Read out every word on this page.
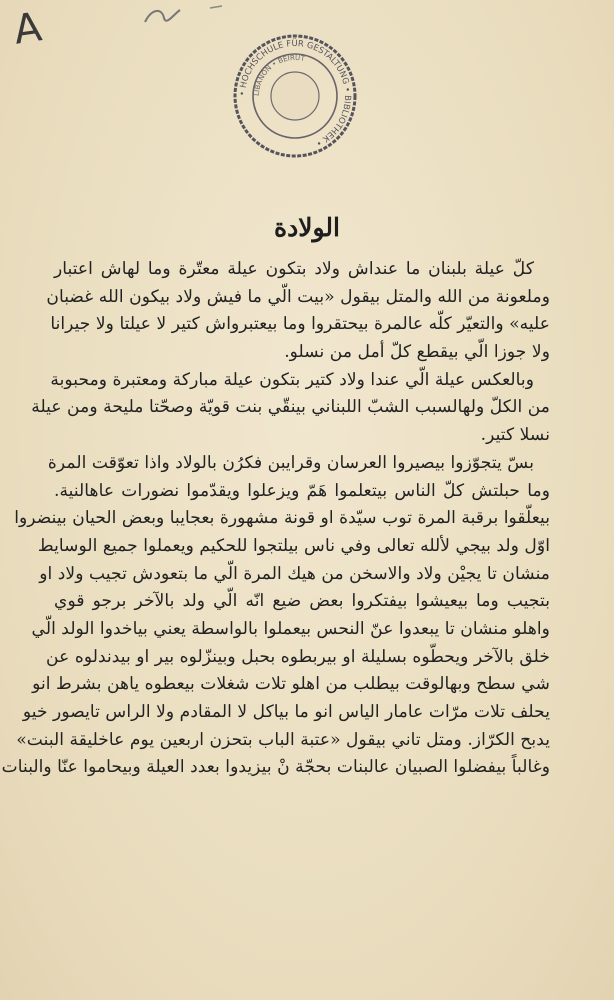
A
• HOCHSCHULE FÜR GESTALTUNG • BIBLIOTHEK •
LIBANON • BEIRUT
الولادة
كلّ عيلة بلبنان ما عنداش ولاد بتكون عيلة معتّرة وما لهاش اعتبار
وملعونة من الله والمتل بيقول «بيت الّي ما فيش ولاد بيكون الله غضبان
عليه» والتعيّر كلّه عالمرة بيحتقروا وما بيعتبرواش كتير لا عيلتا ولا جيرانا
ولا جوزا الّي بيقطع كلّ أمل من نسلو.
وبالعكس عيلة الّي عندا ولاد كتير بتكون عيلة مباركة ومعتبرة ومحبوبة
من الكلّ ولهالسبب الشبّ اللبناني بينقّي بنت قويّة وصحّتا مليحة ومن عيلة
نسلا كتير.
بسّ يتجوّزوا بيصيروا العرسان وقرايبن فكرُن بالولاد واذا تعوّقت المرة
وما حبلتش كلّ الناس بيتعلموا هَمّ ويزعلوا ويقدّموا نضورات عاهالنية.
بيعلّقوا برقبة المرة توب سيّدة او قونة مشهورة بعجايبا وبعض الحيان بينضروا
اوّل ولد بيجي لألله تعالى وفي ناس بيلتجوا للحكيم ويعملوا جميع الوسايط
منشان تا يجيْن ولاد والاسخن من هيك المرة الّي ما بتعودش تجيب ولاد او
بتجيب وما بيعيشوا بيفتكروا بعض ضيع انّه الّي ولد بالآخر برجو قوي
واهلو منشان تا يبعدوا عنّ النحس بيعملوا بالواسطة يعني بياخدوا الولد الّي
خلق بالآخر ويحطّوه بسليلة او بيربطوه بحبل وبينزّلوه بير او بيدندلوه عن
شي سطح وبهالوقت بيطلب من اهلو تلات شغلات بيعطوه ياهن بشرط انو
يحلف تلات مرّات عامار الياس انو ما بياكل لا المقادم ولا الراس تايصور خيو
يدبح الكرّاز. ومتل تاني بيقول «عتبة الباب بتحزن اربعين يوم عاخليقة البنت»
وغالباً بيفضلوا الصبيان عالبنات بحجّة نْ بيزيدوا بعدد العيلة وبيحاموا عنّا والبنات
